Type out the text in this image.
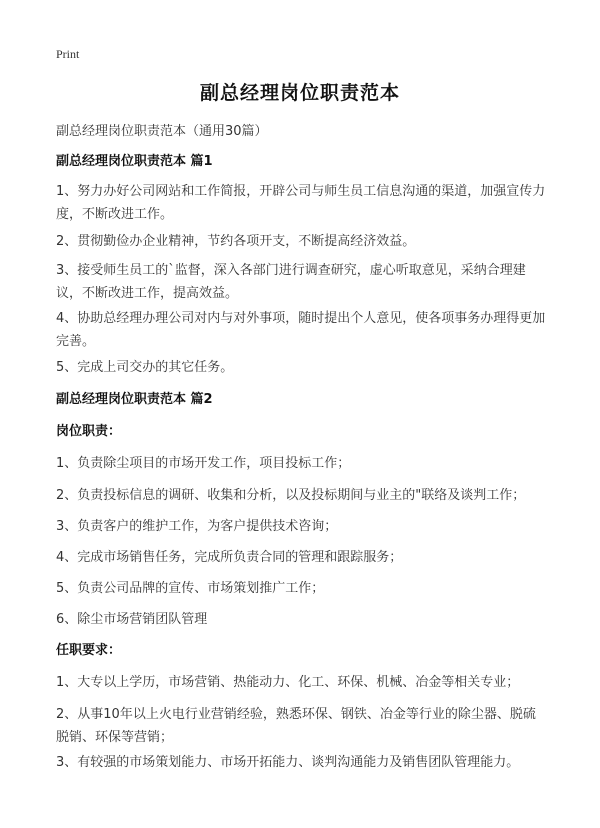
Print
副总经理岗位职责范本
副总经理岗位职责范本（通用30篇）
副总经理岗位职责范本 篇1
1、努力办好公司网站和工作简报，开辟公司与师生员工信息沟通的渠道，加强宣传力度，不断改进工作。
2、贯彻勤俭办企业精神，节约各项开支，不断提高经济效益。
3、接受师生员工的`监督，深入各部门进行调查研究，虚心听取意见，采纳合理建议，不断改进工作，提高效益。
4、协助总经理办理公司对内与对外事项，随时提出个人意见，使各项事务办理得更加完善。
5、完成上司交办的其它任务。
副总经理岗位职责范本 篇2
岗位职责：
1、负责除尘项目的市场开发工作，项目投标工作；
2、负责投标信息的调研、收集和分析，以及投标期间与业主的"联络及谈判工作；
3、负责客户的维护工作，为客户提供技术咨询；
4、完成市场销售任务，完成所负责合同的管理和跟踪服务；
5、负责公司品牌的宣传、市场策划推广工作；
6、除尘市场营销团队管理
任职要求：
1、大专以上学历，市场营销、热能动力、化工、环保、机械、冶金等相关专业；
2、从事10年以上火电行业营销经验，熟悉环保、钢铁、冶金等行业的除尘器、脱硫脱销、环保等营销；
3、有较强的市场策划能力、市场开拓能力、谈判沟通能力及销售团队管理能力。
